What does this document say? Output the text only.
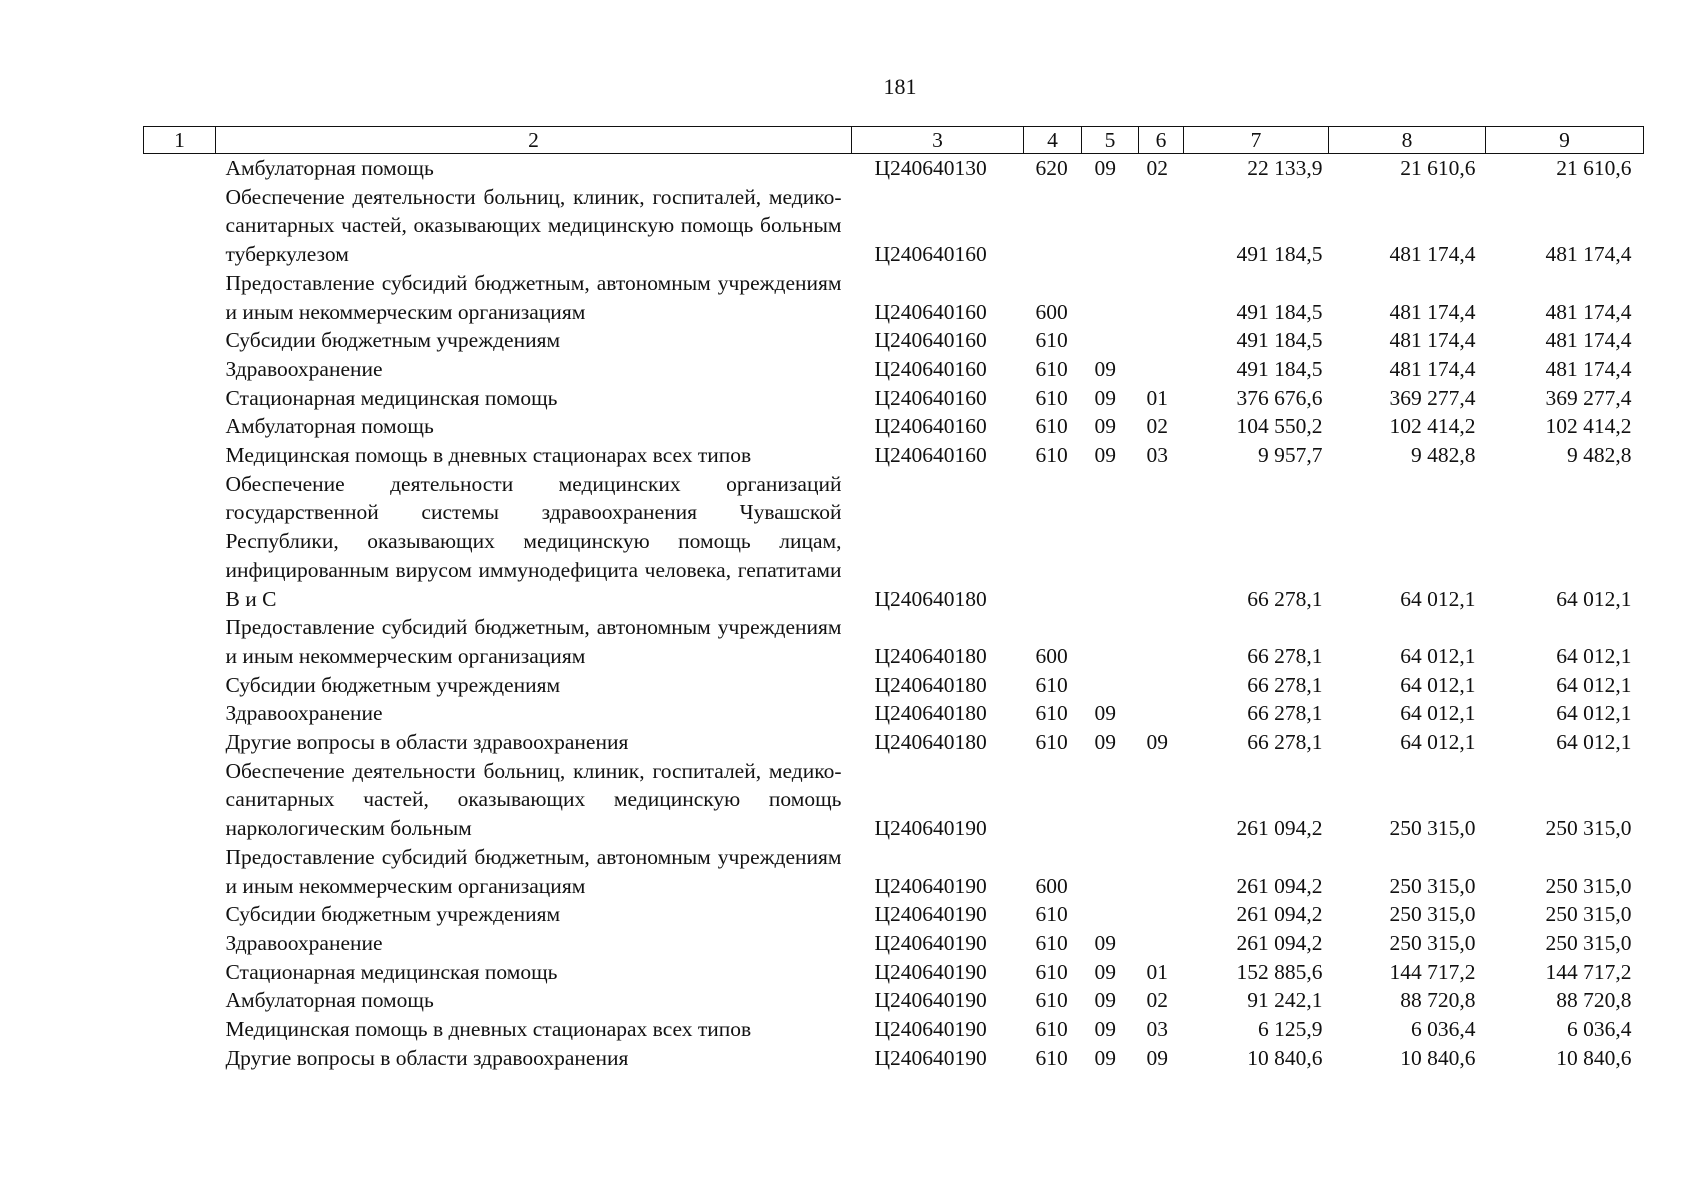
181
1	2	3	4	5	6	7	8	9
	Амбулаторная помощь	Ц240640130	620	09	02	22 133,9	21 610,6	21 610,6
	Обеспечение деятельности больниц, клиник, госпиталей, медико-санитарных частей, оказывающих медицинскую помощь больным туберкулезом	Ц240640160				491 184,5	481 174,4	481 174,4
	Предоставление субсидий бюджетным, автономным учреждениям и иным некоммерческим организациям	Ц240640160	600			491 184,5	481 174,4	481 174,4
	Субсидии бюджетным учреждениям	Ц240640160	610			491 184,5	481 174,4	481 174,4
	Здравоохранение	Ц240640160	610	09		491 184,5	481 174,4	481 174,4
	Стационарная медицинская помощь	Ц240640160	610	09	01	376 676,6	369 277,4	369 277,4
	Амбулаторная помощь	Ц240640160	610	09	02	104 550,2	102 414,2	102 414,2
	Медицинская помощь в дневных стационарах всех типов	Ц240640160	610	09	03	9 957,7	9 482,8	9 482,8
	Обеспечение деятельности медицинских организаций государственной системы здравоохранения Чувашской Республики, оказывающих медицинскую помощь лицам, инфицированным вирусом иммунодефицита человека, гепатитами B и C	Ц240640180				66 278,1	64 012,1	64 012,1
	Предоставление субсидий бюджетным, автономным учреждениям и иным некоммерческим организациям	Ц240640180	600			66 278,1	64 012,1	64 012,1
	Субсидии бюджетным учреждениям	Ц240640180	610			66 278,1	64 012,1	64 012,1
	Здравоохранение	Ц240640180	610	09		66 278,1	64 012,1	64 012,1
	Другие вопросы в области здравоохранения	Ц240640180	610	09	09	66 278,1	64 012,1	64 012,1
	Обеспечение деятельности больниц, клиник, госпиталей, медико-санитарных частей, оказывающих медицинскую помощь наркологическим больным	Ц240640190				261 094,2	250 315,0	250 315,0
	Предоставление субсидий бюджетным, автономным учреждениям и иным некоммерческим организациям	Ц240640190	600			261 094,2	250 315,0	250 315,0
	Субсидии бюджетным учреждениям	Ц240640190	610			261 094,2	250 315,0	250 315,0
	Здравоохранение	Ц240640190	610	09		261 094,2	250 315,0	250 315,0
	Стационарная медицинская помощь	Ц240640190	610	09	01	152 885,6	144 717,2	144 717,2
	Амбулаторная помощь	Ц240640190	610	09	02	91 242,1	88 720,8	88 720,8
	Медицинская помощь в дневных стационарах всех типов	Ц240640190	610	09	03	6 125,9	6 036,4	6 036,4
	Другие вопросы в области здравоохранения	Ц240640190	610	09	09	10 840,6	10 840,6	10 840,6
